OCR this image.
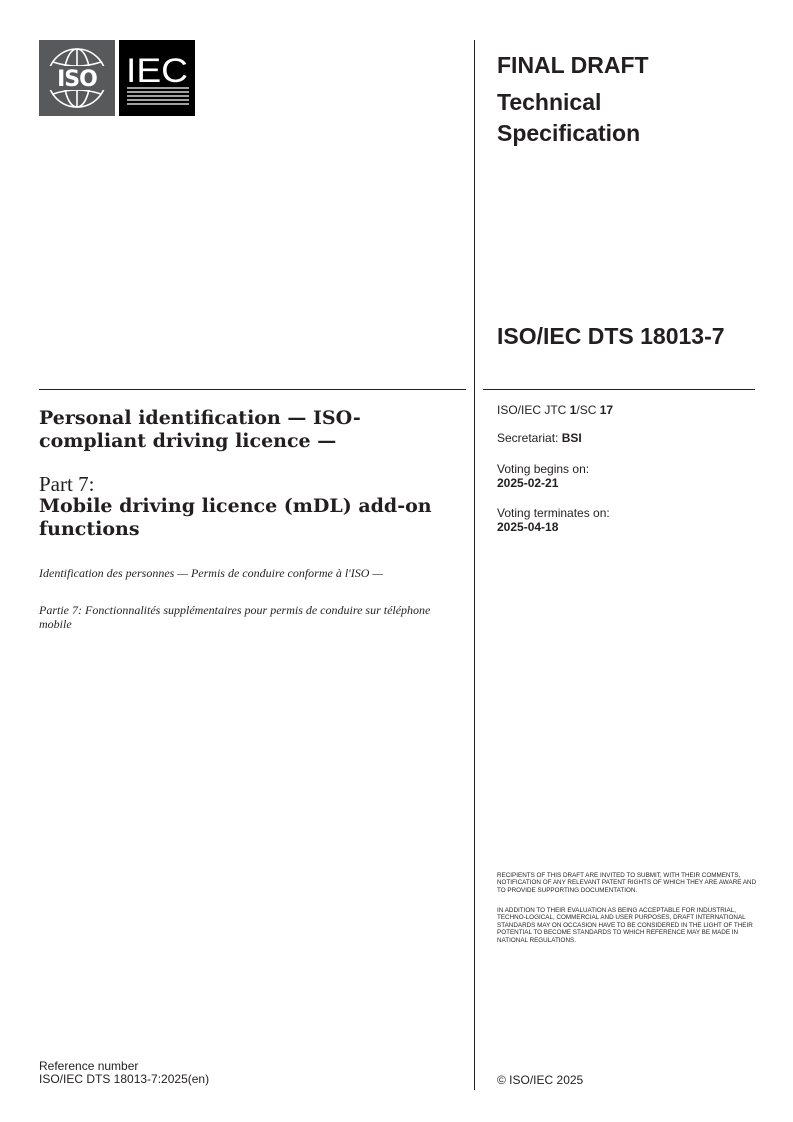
ISO IEC	FINAL DRAFT

Technical Specification

ISO/IEC DTS 18013-7

Personal identification — ISO-compliant driving licence —

Part 7:

Mobile driving licence (mDL) add-on functions

Identification des personnes — Permis de conduire conforme à l'ISO —

Partie 7: Fonctionnalités supplémentaires pour permis de conduire sur téléphone mobile

ISO/IEC JTC 1/SC 17

Secretariat: BSI

Voting begins on:
2025-02-21

Voting terminates on:
2025-04-18

RECIPIENTS OF THIS DRAFT ARE INVITED TO SUBMIT, WITH THEIR COMMENTS, NOTIFICATION OF ANY RELEVANT PATENT RIGHTS OF WHICH THEY ARE AWARE AND TO PROVIDE SUPPORTING DOCUMENTATION.

IN ADDITION TO THEIR EVALUATION AS BEING ACCEPTABLE FOR INDUSTRIAL, TECHNO-LOGICAL, COMMERCIAL AND USER PURPOSES, DRAFT INTERNATIONAL STANDARDS MAY ON OCCASION HAVE TO BE CONSIDERED IN THE LIGHT OF THEIR POTENTIAL TO BECOME STANDARDS TO WHICH REFERENCE MAY BE MADE IN NATIONAL REGULATIONS.

Reference number

ISO/IEC DTS 18013-7:2025(en)	© ISO/IEC 2025
